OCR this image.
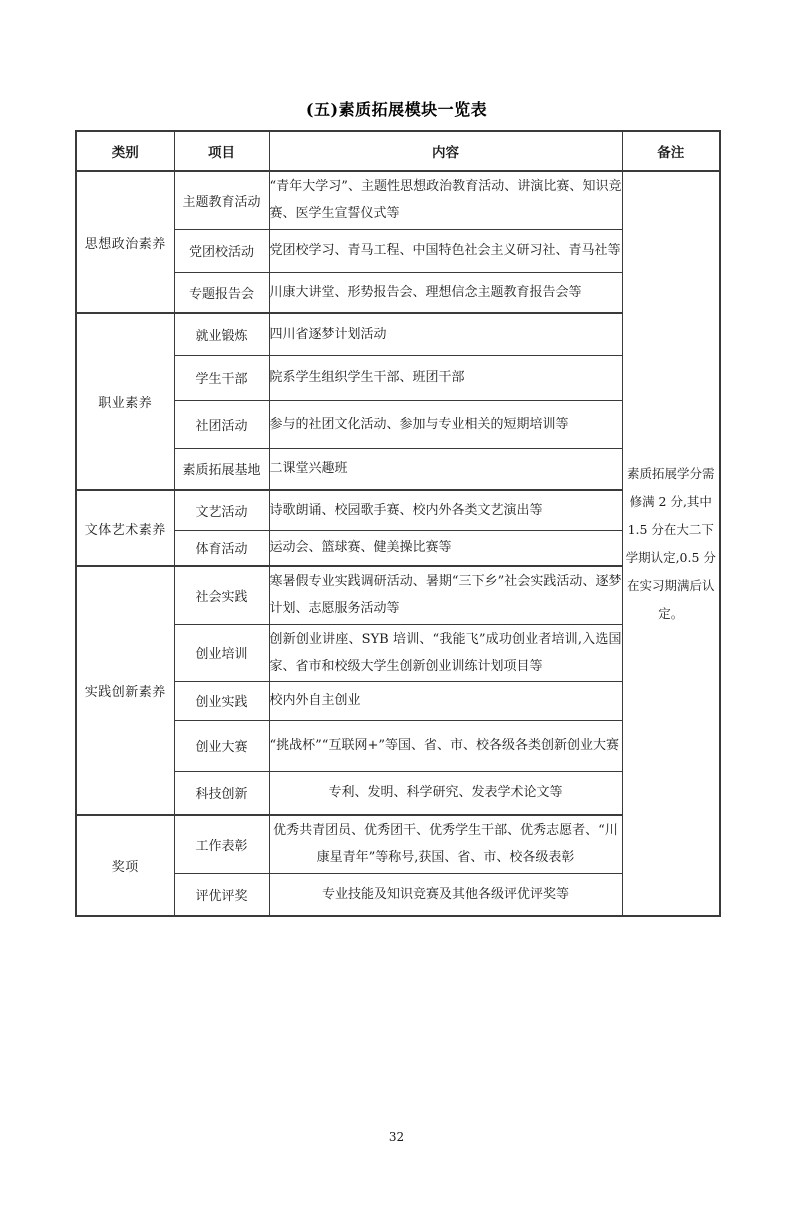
(五)素质拓展模块一览表
类别	项目	内容	备注
思想政治素养	主题教育活动	“青年大学习”、主题性思想政治教育活动、讲演比赛、知识竞赛、医学生宣誓仪式等	素质拓展学分需修满 2 分,其中 1.5 分在大二下学期认定,0.5 分在实习期满后认定。
	党团校活动	党团校学习、青马工程、中国特色社会主义研习社、青马社等	
	专题报告会	川康大讲堂、形势报告会、理想信念主题教育报告会等	
职业素养	就业锻炼	四川省逐梦计划活动	
	学生干部	院系学生组织学生干部、班团干部	
	社团活动	参与的社团文化活动、参加与专业相关的短期培训等	
	素质拓展基地	二课堂兴趣班	
文体艺术素养	文艺活动	诗歌朗诵、校园歌手赛、校内外各类文艺演出等	
	体育活动	运动会、篮球赛、健美操比赛等	
实践创新素养	社会实践	寒暑假专业实践调研活动、暑期“三下乡”社会实践活动、逐梦计划、志愿服务活动等	
	创业培训	创新创业讲座、SYB 培训、“我能飞”成功创业者培训,入选国家、省市和校级大学生创新创业训练计划项目等	
	创业实践	校内外自主创业	
	创业大赛	“挑战杯”“互联网+”等国、省、市、校各级各类创新创业大赛	
	科技创新	专利、发明、科学研究、发表学术论文等	
奖项	工作表彰	优秀共青团员、优秀团干、优秀学生干部、优秀志愿者、“川康星青年”等称号,获国、省、市、校各级表彰	
	评优评奖	专业技能及知识竞赛及其他各级评优评奖等	
32
